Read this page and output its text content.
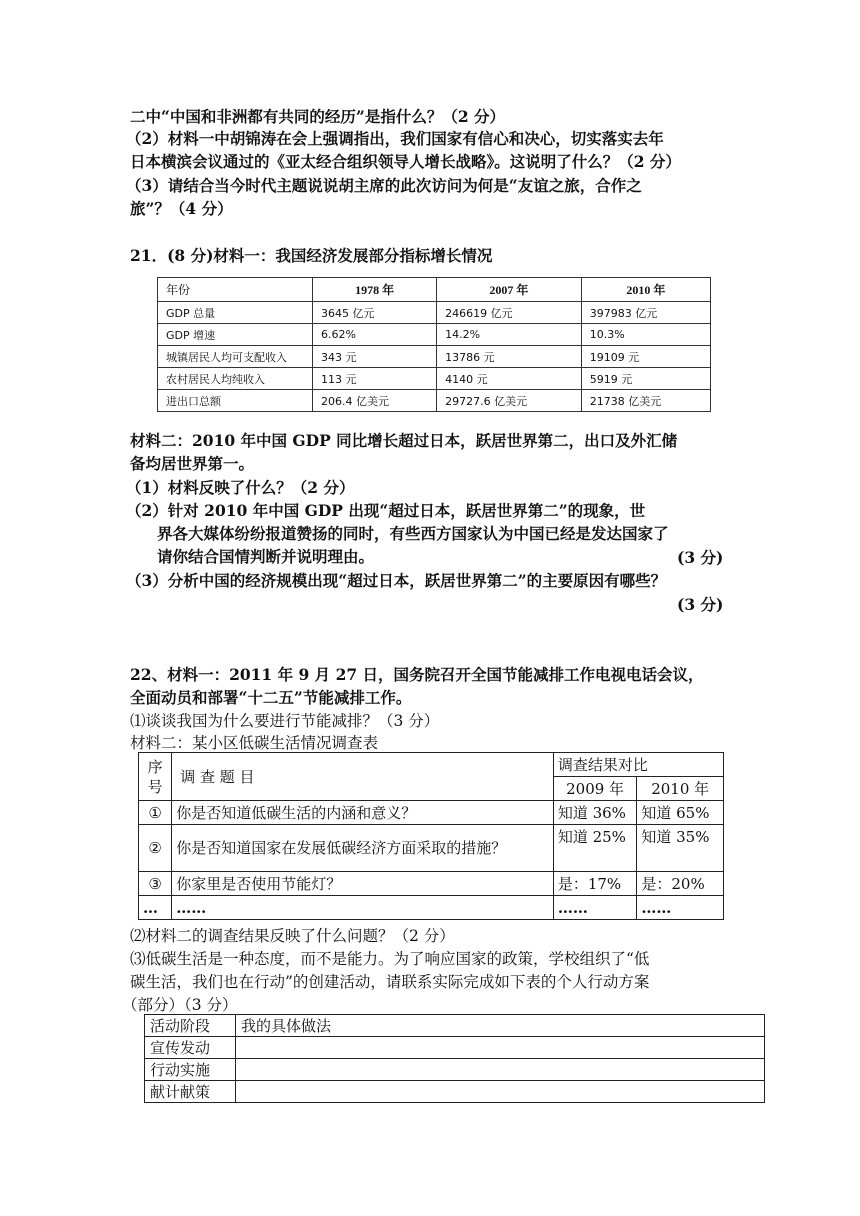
二中“中国和非洲都有共同的经历”是指什么？（2 分）
（2）材料一中胡锦涛在会上强调指出，我们国家有信心和决心，切实落实去年
日本横滨会议通过的《亚太经合组织领导人增长战略》。这说明了什么？（2 分）
（3）请结合当今时代主题说说胡主席的此次访问为何是“友谊之旅，合作之
旅”？（4 分）
21．(8 分)材料一：我国经济发展部分指标增长情况
年份	1978 年	2007 年	2010 年
GDP 总量	3645 亿元	246619 亿元	397983 亿元
GDP 增速	6.62%	14.2%	10.3%
城镇居民人均可支配收入	343 元	13786 元	19109 元
农村居民人均纯收入	113 元	4140 元	5919 元
进出口总额	206.4 亿美元	29727.6 亿美元	21738 亿美元
材料二：2010 年中国 GDP 同比增长超过日本，跃居世界第二，出口及外汇储
备均居世界第一。
（1）材料反映了什么？（2 分）
（2）针对 2010 年中国 GDP 出现“超过日本，跃居世界第二”的现象，世
界各大媒体纷纷报道赞扬的同时，有些西方国家认为中国已经是发达国家了
请你结合国情判断并说明理由。	(3 分)
（3）分析中国的经济规模出现“超过日本，跃居世界第二”的主要原因有哪些？
(3 分)
22、材料一：2011 年 9 月 27 日，国务院召开全国节能减排工作电视电话会议，
全面动员和部署“十二五”节能减排工作。
⑴谈谈我国为什么要进行节能减排？（3 分）
材料二：某小区低碳生活情况调查表
序号	调 查 题 目	调查结果对比	
		2009 年	2010 年
①	你是否知道低碳生活的内涵和意义？	知道 36%	知道 65%
②	你是否知道国家在发展低碳经济方面采取的措施？	知道 25%	知道 35%
③	你家里是否使用节能灯？	是：17%	是：20%
…	……	……	……
⑵材料二的调查结果反映了什么问题？（2 分）
⑶低碳生活是一种态度，而不是能力。为了响应国家的政策，学校组织了“低
碳生活，我们也在行动”的创建活动，请联系实际完成如下表的个人行动方案
（部分）（3 分）
活动阶段	我的具体做法
宣传发动	
行动实施	
献计献策	
